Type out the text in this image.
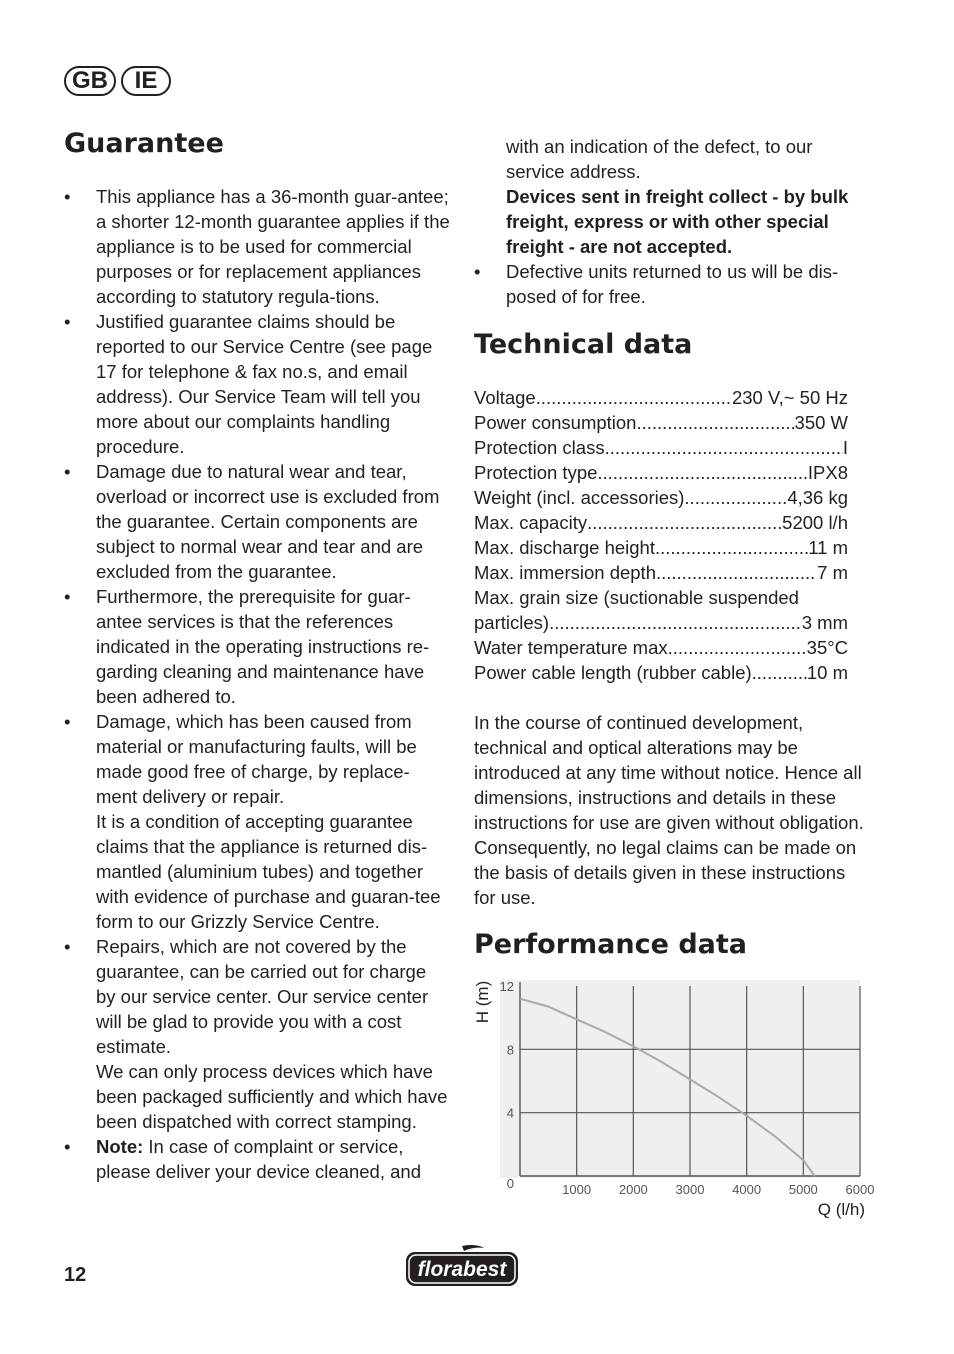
GB	IE
Guarantee
• This appliance has a 36-month guar-antee; a shorter 12-month guarantee applies if the appliance is to be used for commercial purposes or for replacement appliances according to statutory regula-tions.
• Justified guarantee claims should be reported to our Service Centre (see page 17 for telephone & fax no.s, and email address). Our Service Team will tell you more about our complaints handling procedure.
• Damage due to natural wear and tear, overload or incorrect use is excluded from the guarantee. Certain components are subject to normal wear and tear and are excluded from the guarantee.
• Furthermore, the prerequisite for guar-antee services is that the references indicated in the operating instructions re-garding cleaning and maintenance have been adhered to.
• Damage, which has been caused from material or manufacturing faults, will be made good free of charge, by replace-ment delivery or repair.
It is a condition of accepting guarantee claims that the appliance is returned dis-mantled (aluminium tubes) and together with evidence of purchase and guaran-tee form to our Grizzly Service Centre.
• Repairs, which are not covered by the guarantee, can be carried out for charge by our service center. Our service center will be glad to provide you with a cost estimate.
We can only process devices which have been packaged sufficiently and which have been dispatched with correct stamping.
• Note: In case of complaint or service, please deliver your device cleaned, and
with an indication of the defect, to our service address.
Devices sent in freight collect - by bulk freight, express or with other special freight - are not accepted.
• Defective units returned to us will be dis-posed of for free.
Technical data
Voltage .....	230 V,~ 50 Hz
Power consumption .....	350 W
Protection class .....	I
Protection type .....	IPX8
Weight (incl. accessories) .....	4,36 kg
Max. capacity .....	5200 l/h
Max. discharge height .....	11 m
Max. immersion depth .....	7 m
Max. grain size (suctionable suspended
particles) .....	3 mm
Water temperature max. .....	35°C
Power cable length (rubber cable) .....	10 m

In the course of continued development, technical and optical alterations may be introduced at any time without notice. Hence all dimensions, instructions and details in these instructions for use are given without obligation. Consequently, no legal claims can be made on the basis of details given in these instructions for use.

Performance data
0
4
8
12
1000 2000 3000 4000 5000 6000
H (m)
Q (l/h)
12	florabest
